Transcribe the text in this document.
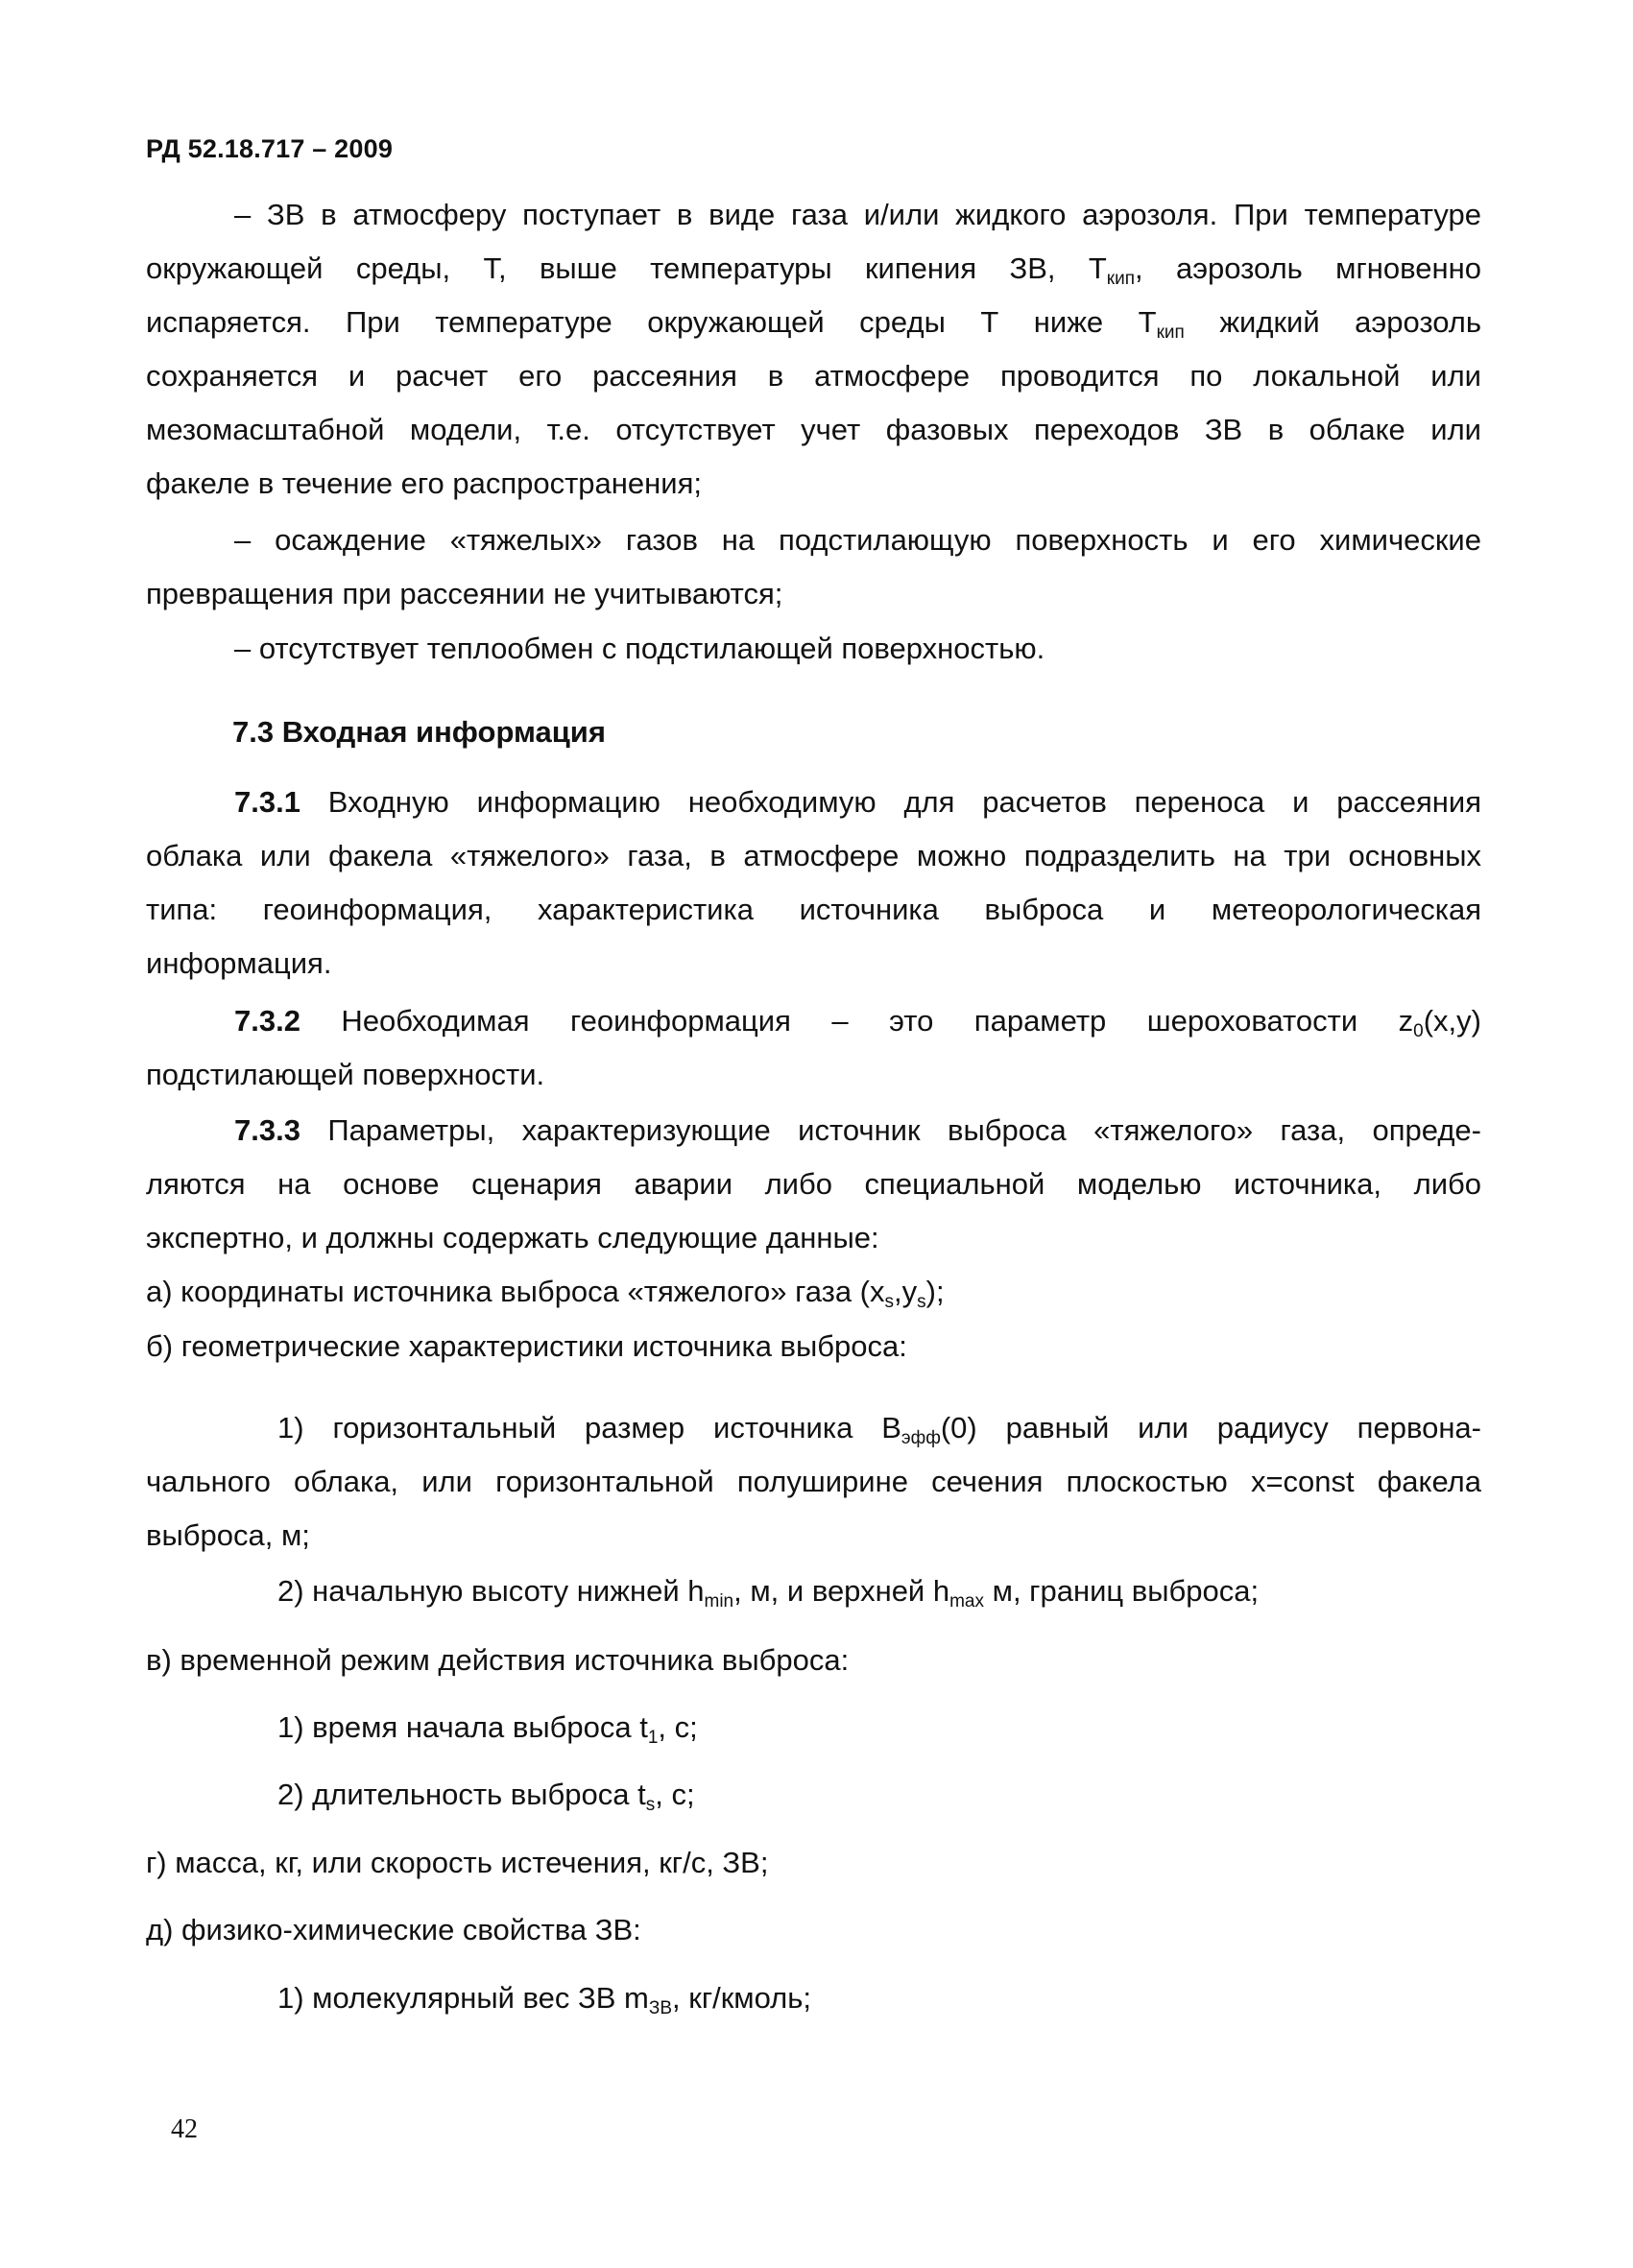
РД 52.18.717 – 2009
– ЗВ в атмосферу поступает в виде газа и/или жидкого аэрозоля. При температуре
окружающей среды, Т, выше температуры кипения ЗВ, $Т_{кип}$, аэрозоль мгновенно
испаряется. При температуре окружающей среды Т ниже $Т_{кип}$ жидкий аэрозоль
сохраняется и расчет его рассеяния в атмосфере проводится по локальной или
мезомасштабной модели, т.е. отсутствует учет фазовых переходов ЗВ в облаке или
факеле в течение его распространения;
– осаждение «тяжелых» газов на подстилающую поверхность и его химические
превращения при рассеянии не учитываются;
– отсутствует теплообмен с подстилающей поверхностью.
7.3 Входная информация
7.3.1 Входную информацию необходимую для расчетов переноса и рассеяния
облака или факела «тяжелого» газа, в атмосфере можно подразделить на три основных
типа: геоинформация, характеристика источника выброса и метеорологическая
информация.
7.3.2 Необходимая геоинформация – это параметр шероховатости $z_0(x,y)$
подстилающей поверхности.
7.3.3 Параметры, характеризующие источник выброса «тяжелого» газа, опреде-
ляются на основе сценария аварии либо специальной моделью источника, либо
экспертно, и должны содержать следующие данные:
а) координаты источника выброса «тяжелого» газа $(x_s,y_s)$;
б) геометрические характеристики источника выброса:
1) горизонтальный размер источника $В_{эфф}(0)$ равный или радиусу первона-
чального облака, или горизонтальной полуширине сечения плоскостью x=const факела
выброса, м;
2) начальную высоту нижней $h_{min}$, м, и верхней $h_{max}$ м, границ выброса;
в) временной режим действия источника выброса:
1) время начала выброса $t_1$, с;
2) длительность выброса $t_s$, с;
г) масса, кг, или скорость истечения, кг/с, ЗВ;
д) физико-химические свойства ЗВ:
1) молекулярный вес ЗВ $m_{ЗВ}$, кг/кмоль;
42
